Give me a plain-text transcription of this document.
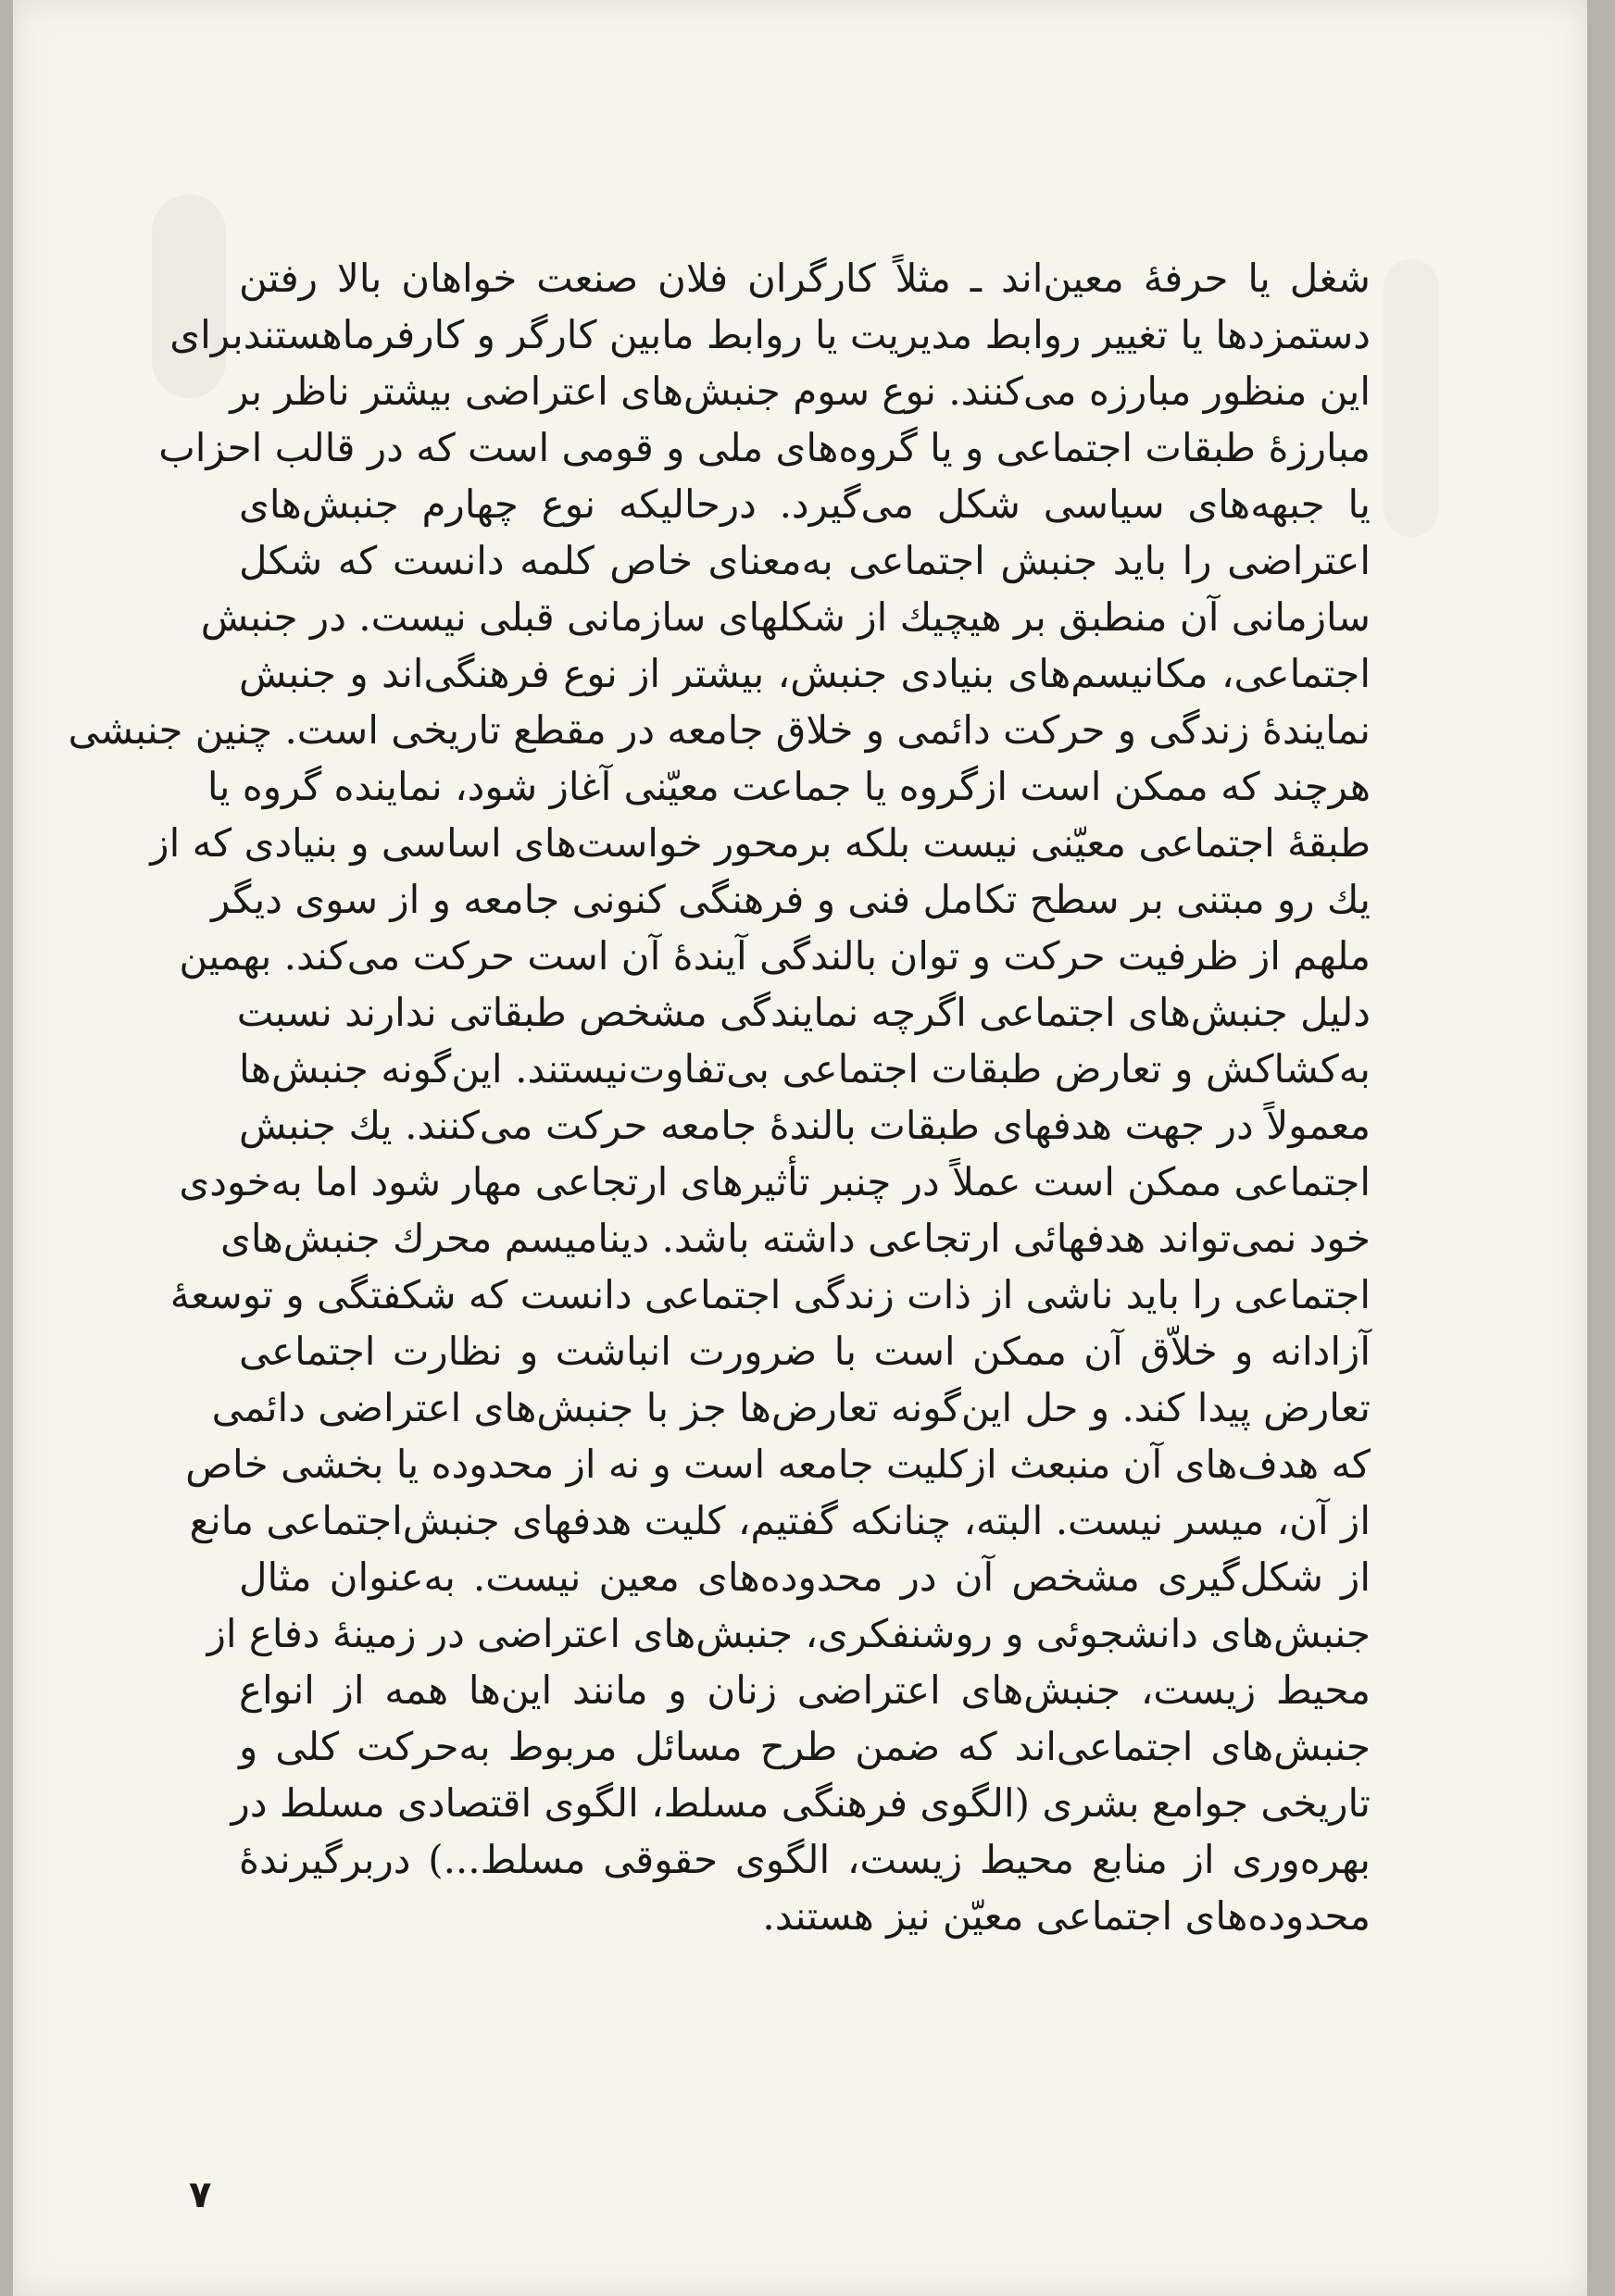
شغل یا حرفهٔ معین‌اند ـ مثلاً کارگران فلان صنعت خواهان بالا رفتن
دستمزدها یا تغییر روابط مدیریت یا روابط مابین کارگر و کارفرماهستندبرای
این منظور مبارزه می‌کنند. نوع سوم جنبش‌های اعتراضی بیشتر ناظر بر
مبارزهٔ طبقات اجتماعی و یا گروه‌های ملی و قومی است که در قالب احزاب
یا جبهه‌های سیاسی شکل می‌گیرد. درحالیکه نوع چهارم جنبش‌های
اعتراضی را باید جنبش اجتماعی به‌معنای خاص کلمه دانست که شکل
سازمانی آن منطبق بر هیچیك از شکلهای سازمانی قبلی نیست. در جنبش
اجتماعی، مکانیسم‌های بنیادی جنبش، بیشتر از نوع فرهنگی‌اند و جنبش
نمایندهٔ زندگی و حرکت دائمی و خلاق جامعه در مقطع تاریخی است. چنین جنبشی
هرچند که ممکن است ازگروه یا جماعت معیّنی آغاز شود، نماینده گروه یا
طبقهٔ اجتماعی معیّنی نیست بلکه برمحور خواست‌های اساسی و بنیادی که از
یك رو مبتنی بر سطح تکامل فنی و فرهنگی کنونی جامعه و از سوی دیگر
ملهم از ظرفیت حرکت و توان بالندگی آیندهٔ آن است حرکت می‌کند. بهمین
دلیل جنبش‌های اجتماعی اگرچه نمایندگی مشخص طبقاتی ندارند نسبت
به‌کشاکش و تعارض طبقات اجتماعی بی‌تفاوت‌نیستند. این‌گونه جنبش‌ها
معمولاً در جهت هدفهای طبقات بالندهٔ جامعه حرکت می‌کنند. یك جنبش
اجتماعی ممکن است عملاً در چنبر تأثیرهای ارتجاعی مهار شود اما به‌خودی
خود نمی‌تواند هدفهائی ارتجاعی داشته باشد. دینامیسم محرك جنبش‌های
اجتماعی را باید ناشی از ذات زندگی اجتماعی دانست که شکفتگی و توسعهٔ
آزادانه و خلاّق آن ممکن است با ضرورت انباشت و نظارت اجتماعی
تعارض پیدا کند. و حل این‌گونه تعارض‌ها جز با جنبش‌های اعتراضی دائمی
که هدف‌های آن منبعث ازکلیت جامعه است و نه از محدوده یا بخشی خاص
از آن، میسر نیست. البته، چنانکه گفتیم، کلیت هدفهای جنبش‌اجتماعی مانع
از شکل‌گیری مشخص آن در محدوده‌های معین نیست. به‌عنوان مثال
جنبش‌های دانشجوئی و روشنفکری، جنبش‌های اعتراضی در زمینهٔ دفاع از
محیط زیست، جنبش‌های اعتراضی زنان و مانند این‌ها همه از انواع
جنبش‌های اجتماعی‌اند که ضمن طرح مسائل مربوط به‌حرکت کلی و
تاریخی جوامع بشری (الگوی فرهنگی مسلط، الگوی اقتصادی مسلط در
بهره‌وری از منابع محیط زیست، الگوی حقوقی مسلط...) دربرگیرندهٔ
محدوده‌های اجتماعی معیّن نیز هستند.
۷
